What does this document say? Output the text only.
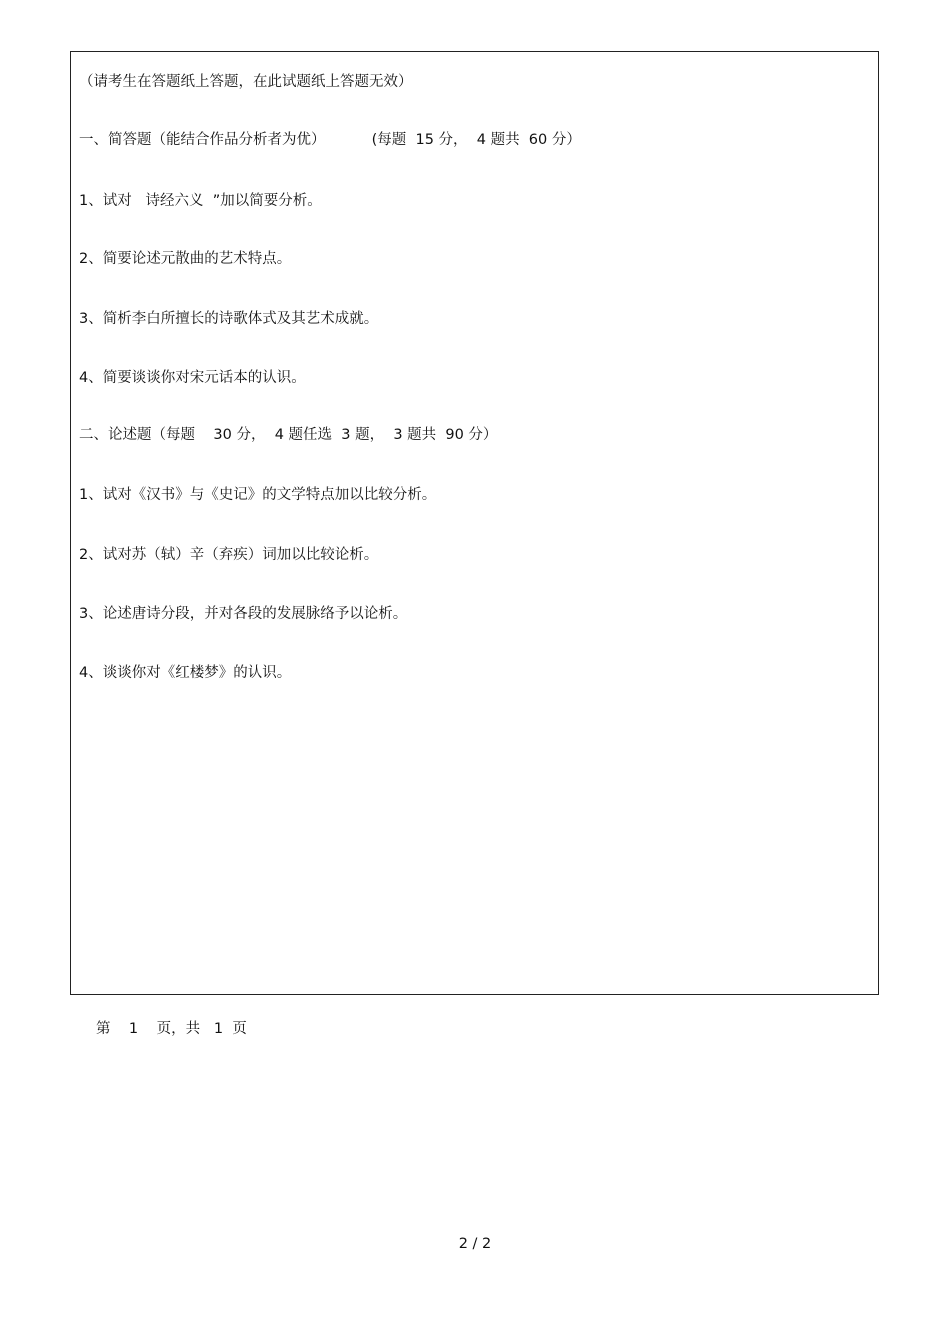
（请考生在答题纸上答题，在此试题纸上答题无效）
一、简答题（能结合作品分析者为优）          (每题  15 分，  4 题共  60 分）
1、试对   诗经六义  ”加以简要分析。
2、简要论述元散曲的艺术特点。
3、简析李白所擅长的诗歌体式及其艺术成就。
4、简要谈谈你对宋元话本的认识。
二、论述题（每题    30 分，  4 题任选  3 题，  3 题共  90 分）
1、试对《汉书》与《史记》的文学特点加以比较分析。
2、试对苏（轼）辛（弃疾）词加以比较论析。
3、论述唐诗分段，并对各段的发展脉络予以论析。
4、谈谈你对《红楼梦》的认识。
第    1    页，共   1  页
2 / 2
